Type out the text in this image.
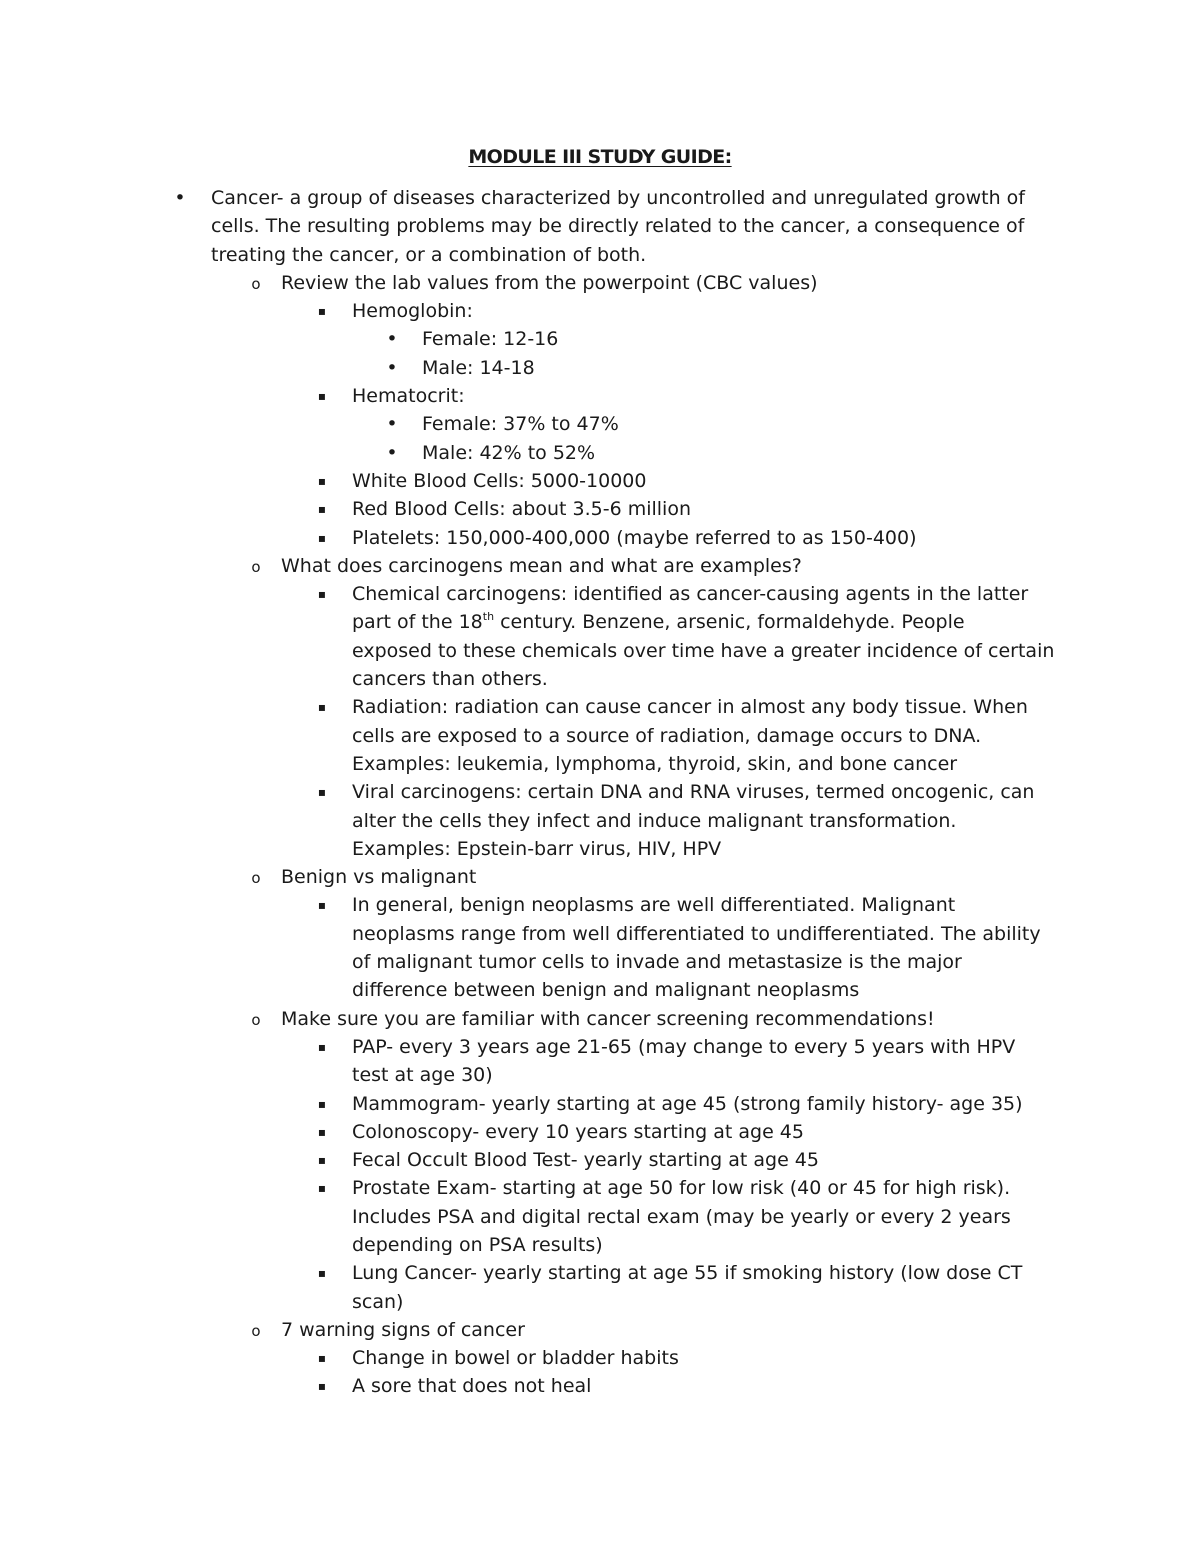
MODULE III STUDY GUIDE:
• Cancer- a group of diseases characterized by uncontrolled and unregulated growth of
cells. The resulting problems may be directly related to the cancer, a consequence of
treating the cancer, or a combination of both.
o Review the lab values from the powerpoint (CBC values)
▪	Hemoglobin:
• Female: 12-16
• Male: 14-18
▪	Hematocrit:
• Female: 37% to 47%
• Male: 42% to 52%
▪	White Blood Cells: 5000-10000
▪	Red Blood Cells: about 3.5-6 million
▪	Platelets: 150,000-400,000 (maybe referred to as 150-400)
o What does carcinogens mean and what are examples?
▪	Chemical carcinogens: identified as cancer-causing agents in the latter
part of the 18th century. Benzene, arsenic, formaldehyde. People
exposed to these chemicals over time have a greater incidence of certain
cancers than others.
▪	Radiation: radiation can cause cancer in almost any body tissue. When
cells are exposed to a source of radiation, damage occurs to DNA.
Examples: leukemia, lymphoma, thyroid, skin, and bone cancer
▪	Viral carcinogens: certain DNA and RNA viruses, termed oncogenic, can
alter the cells they infect and induce malignant transformation.
Examples: Epstein-barr virus, HIV, HPV
o Benign vs malignant
▪	In general, benign neoplasms are well differentiated. Malignant
neoplasms range from well differentiated to undifferentiated. The ability
of malignant tumor cells to invade and metastasize is the major
difference between benign and malignant neoplasms
o Make sure you are familiar with cancer screening recommendations!
▪	PAP- every 3 years age 21-65 (may change to every 5 years with HPV
test at age 30)
▪	Mammogram- yearly starting at age 45 (strong family history- age 35)
▪	Colonoscopy- every 10 years starting at age 45
▪	Fecal Occult Blood Test- yearly starting at age 45
▪	Prostate Exam- starting at age 50 for low risk (40 or 45 for high risk).
Includes PSA and digital rectal exam (may be yearly or every 2 years
depending on PSA results)
▪	Lung Cancer- yearly starting at age 55 if smoking history (low dose CT
scan)
o 7 warning signs of cancer
▪	Change in bowel or bladder habits
▪	A sore that does not heal
